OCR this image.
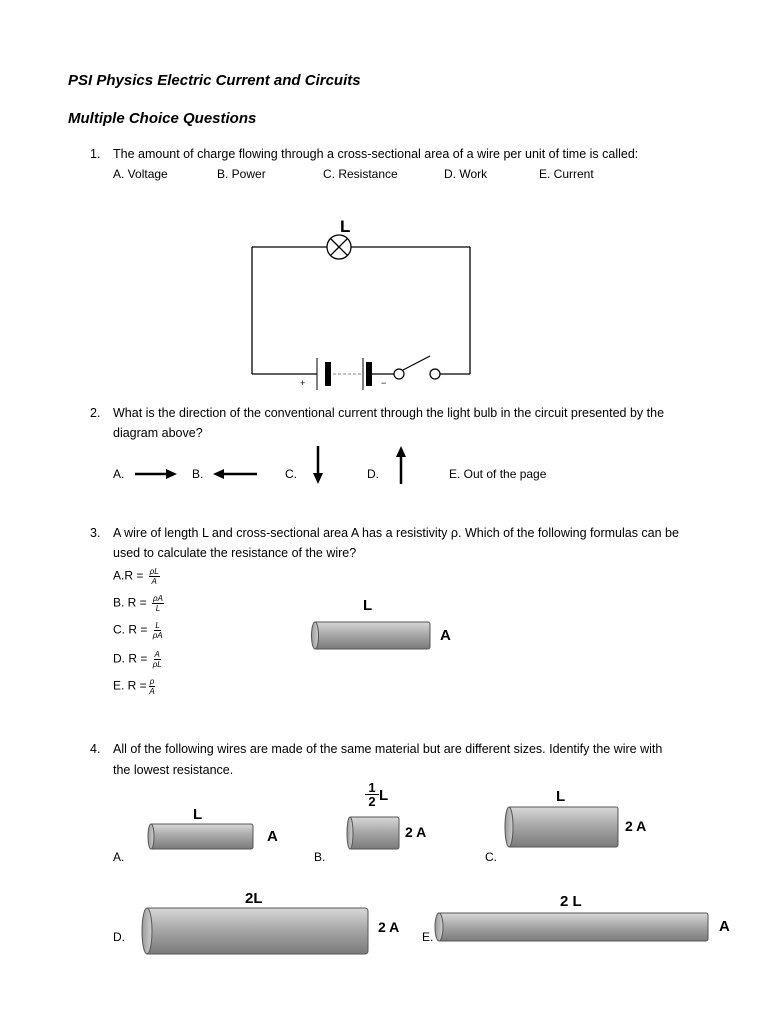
PSI Physics Electric Current and Circuits
Multiple Choice Questions
1. The amount of charge flowing through a cross-sectional area of a wire per unit of time is called:
A. Voltage	B. Power	C. Resistance	D. Work	E. Current
L
+	−
2. What is the direction of the conventional current through the light bulb in the circuit presented by the
diagram above?
A.	B.	C.	D.	E. Out of the page
3. A wire of length L and cross-sectional area A has a resistivity ρ. Which of the following formulas can be
used to calculate the resistance of the wire?
$A.R = \frac{\rho L}{A}$
B. $R = \frac{\rho A}{L}$
C. $R = \frac{L}{\rho A}$
D. $R = \frac{A}{\rho L}$
E. $R = \frac{\rho}{A}$
L
A
4. All of the following wires are made of the same material but are different sizes. Identify the wire with
the lowest resistance.
L
A
A.
$\frac{1}{2}$ L
2 A
B.
L
2 A
C.
2L
2 A
D.
2 L
A
E.
